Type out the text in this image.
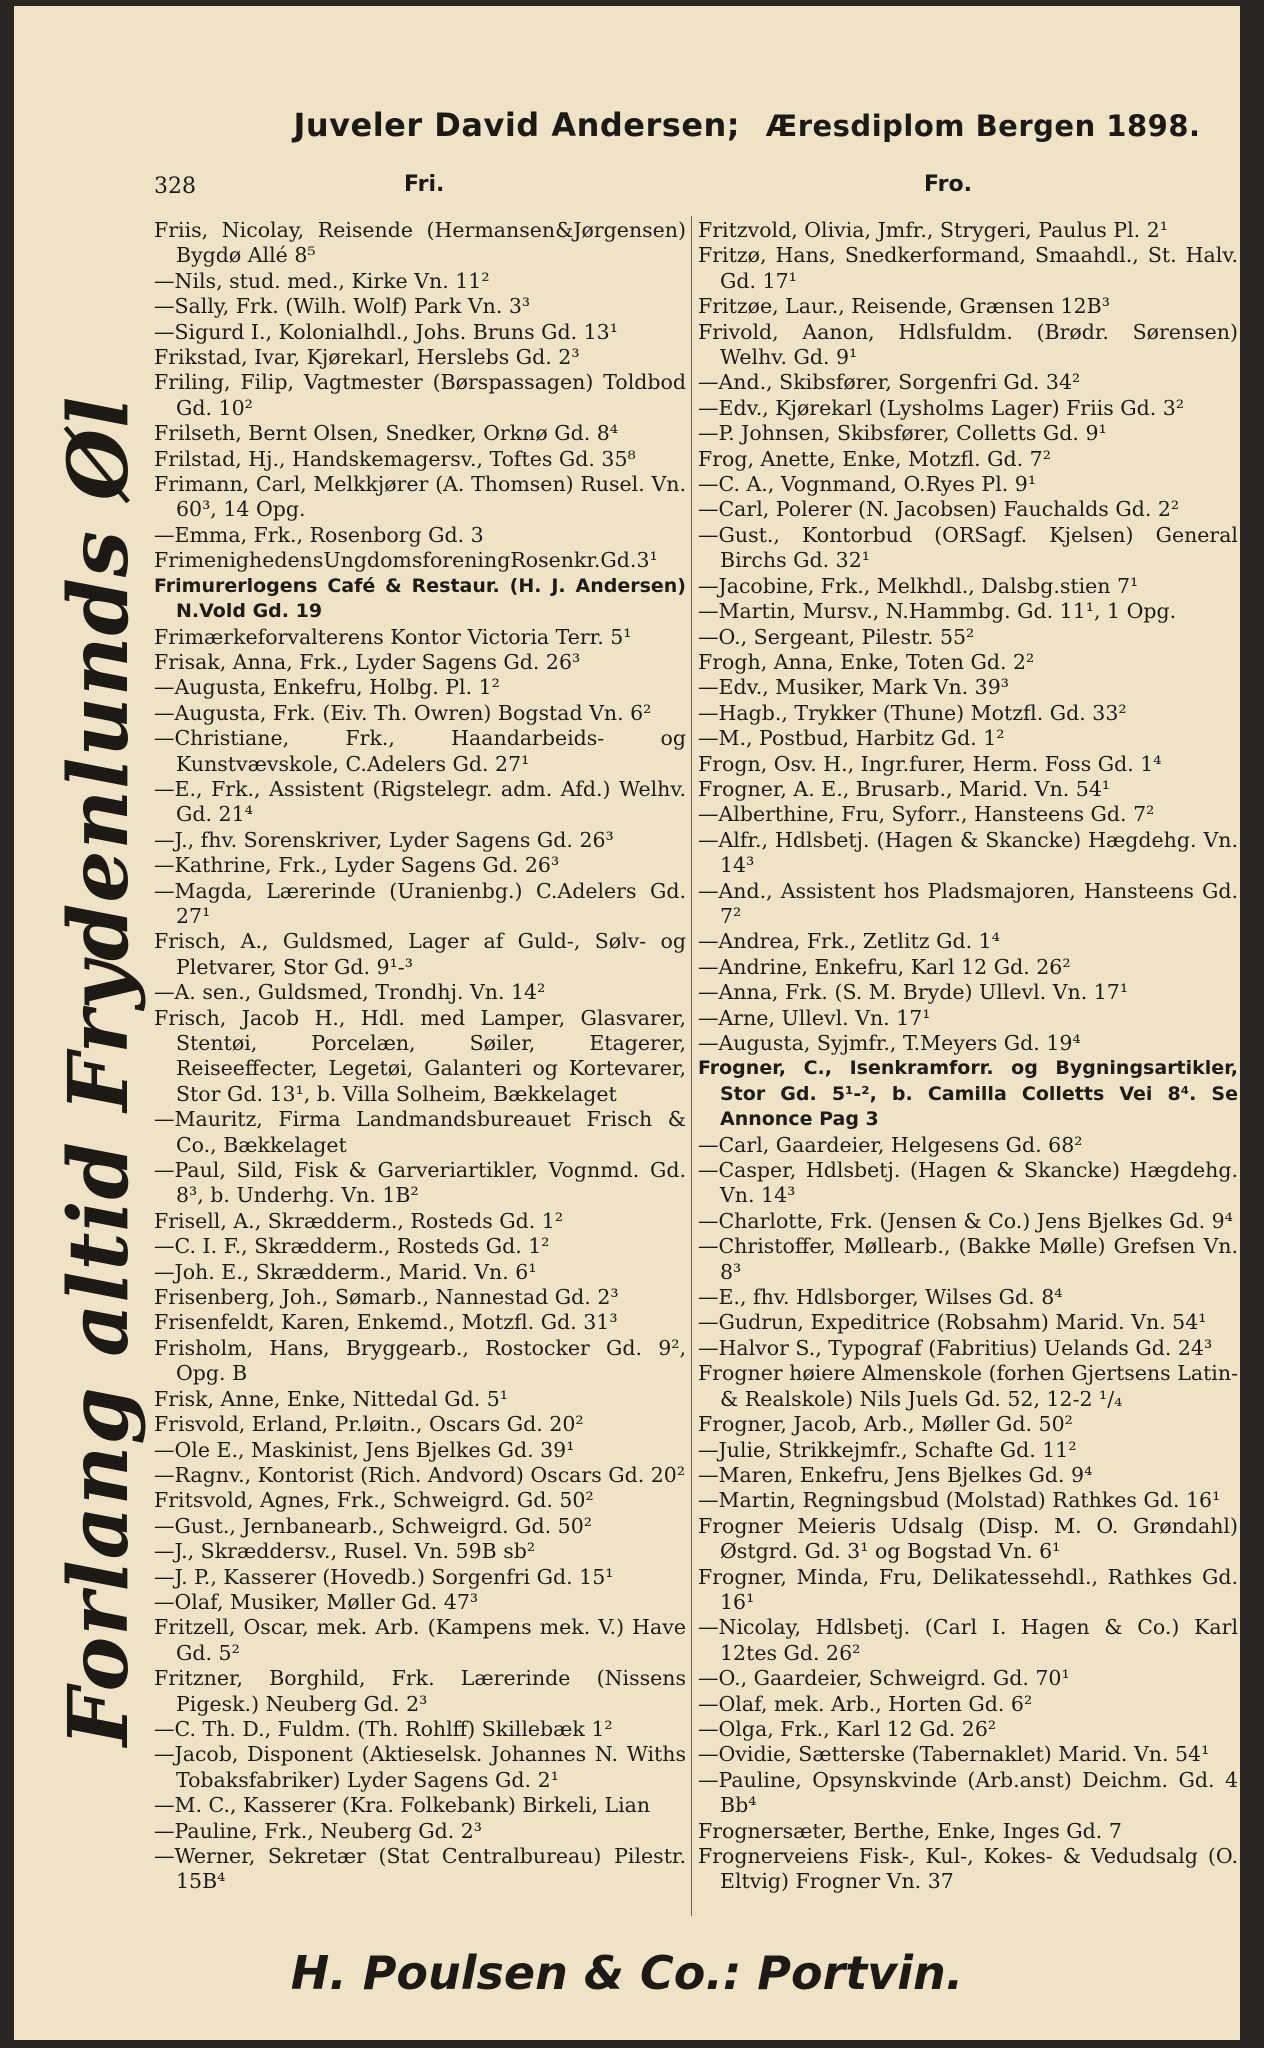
Juveler David Andersen; Æresdiplom Bergen 1898.
328	Fri.	Fro.
Forlang altid Frydenlunds Øl
Friis, Nicolay, Reisende (Hermansen&Jørgensen) Bygdø Allé 8⁵
—Nils, stud. med., Kirke Vn. 11²
—Sally, Frk. (Wilh. Wolf) Park Vn. 3³
—Sigurd I., Kolonialhdl., Johs. Bruns Gd. 13¹
Frikstad, Ivar, Kjørekarl, Herslebs Gd. 2³
Friling, Filip, Vagtmester (Børspassagen) Toldbod Gd. 10²
Frilseth, Bernt Olsen, Snedker, Orknø Gd. 8⁴
Frilstad, Hj., Handskemagersv., Toftes Gd. 35⁸
Frimann, Carl, Melkkjører (A. Thomsen) Rusel. Vn. 60³, 14 Opg.
—Emma, Frk., Rosenborg Gd. 3
FrimenighedensUngdomsforeningRosenkr.Gd.3¹
Frimurerlogens Café & Restaur. (H. J. Andersen) N.Vold Gd. 19
Frimærkeforvalterens Kontor Victoria Terr. 5¹
Frisak, Anna, Frk., Lyder Sagens Gd. 26³
—Augusta, Enkefru, Holbg. Pl. 1²
—Augusta, Frk. (Eiv. Th. Owren) Bogstad Vn. 6²
—Christiane, Frk., Haandarbeids- og Kunstvævskole, C.Adelers Gd. 27¹
—E., Frk., Assistent (Rigstelegr. adm. Afd.) Welhv. Gd. 21⁴
—J., fhv. Sorenskriver, Lyder Sagens Gd. 26³
—Kathrine, Frk., Lyder Sagens Gd. 26³
—Magda, Lærerinde (Uranienbg.) C.Adelers Gd. 27¹
Frisch, A., Guldsmed, Lager af Guld-, Sølv- og Pletvarer, Stor Gd. 9¹-³
—A. sen., Guldsmed, Trondhj. Vn. 14²
Frisch, Jacob H., Hdl. med Lamper, Glasvarer, Stentøi, Porcelæn, Søiler, Etagerer, Reiseeffecter, Legetøi, Galanteri og Kortevarer, Stor Gd. 13¹, b. Villa Solheim, Bækkelaget
—Mauritz, Firma Landmandsbureauet Frisch & Co., Bækkelaget
—Paul, Sild, Fisk & Garveriartikler, Vognmd. Gd. 8³, b. Underhg. Vn. 1B²
Frisell, A., Skrædderm., Rosteds Gd. 1²
—C. I. F., Skrædderm., Rosteds Gd. 1²
—Joh. E., Skrædderm., Marid. Vn. 6¹
Frisenberg, Joh., Sømarb., Nannestad Gd. 2³
Frisenfeldt, Karen, Enkemd., Motzfl. Gd. 31³
Frisholm, Hans, Bryggearb., Rostocker Gd. 9², Opg. B
Frisk, Anne, Enke, Nittedal Gd. 5¹
Frisvold, Erland, Pr.løitn., Oscars Gd. 20²
—Ole E., Maskinist, Jens Bjelkes Gd. 39¹
—Ragnv., Kontorist (Rich. Andvord) Oscars Gd. 20²
Fritsvold, Agnes, Frk., Schweigrd. Gd. 50²
—Gust., Jernbanearb., Schweigrd. Gd. 50²
—J., Skræddersv., Rusel. Vn. 59B sb²
—J. P., Kasserer (Hovedb.) Sorgenfri Gd. 15¹
—Olaf, Musiker, Møller Gd. 47³
Fritzell, Oscar, mek. Arb. (Kampens mek. V.) Have Gd. 5²
Fritzner, Borghild, Frk. Lærerinde (Nissens Pigesk.) Neuberg Gd. 2³
—C. Th. D., Fuldm. (Th. Rohlff) Skillebæk 1²
—Jacob, Disponent (Aktieselsk. Johannes N. Withs Tobaksfabriker) Lyder Sagens Gd. 2¹
—M. C., Kasserer (Kra. Folkebank) Birkeli, Lian
—Pauline, Frk., Neuberg Gd. 2³
—Werner, Sekretær (Stat Centralbureau) Pilestr. 15B⁴
Fritzvold, Olivia, Jmfr., Strygeri, Paulus Pl. 2¹
Fritzø, Hans, Snedkerformand, Smaahdl., St. Halv. Gd. 17¹
Fritzøe, Laur., Reisende, Grænsen 12B³
Frivold, Aanon, Hdlsfuldm. (Brødr. Sørensen) Welhv. Gd. 9¹
—And., Skibsfører, Sorgenfri Gd. 34²
—Edv., Kjørekarl (Lysholms Lager) Friis Gd. 3²
—P. Johnsen, Skibsfører, Colletts Gd. 9¹
Frog, Anette, Enke, Motzfl. Gd. 7²
—C. A., Vognmand, O.Ryes Pl. 9¹
—Carl, Polerer (N. Jacobsen) Fauchalds Gd. 2²
—Gust., Kontorbud (ORSagf. Kjelsen) General Birchs Gd. 32¹
—Jacobine, Frk., Melkhdl., Dalsbg.stien 7¹
—Martin, Mursv., N.Hammbg. Gd. 11¹, 1 Opg.
—O., Sergeant, Pilestr. 55²
Frogh, Anna, Enke, Toten Gd. 2²
—Edv., Musiker, Mark Vn. 39³
—Hagb., Trykker (Thune) Motzfl. Gd. 33²
—M., Postbud, Harbitz Gd. 1²
Frogn, Osv. H., Ingr.furer, Herm. Foss Gd. 1⁴
Frogner, A. E., Brusarb., Marid. Vn. 54¹
—Alberthine, Fru, Syforr., Hansteens Gd. 7²
—Alfr., Hdlsbetj. (Hagen & Skancke) Hægdehg. Vn. 14³
—And., Assistent hos Pladsmajoren, Hansteens Gd. 7²
—Andrea, Frk., Zetlitz Gd. 1⁴
—Andrine, Enkefru, Karl 12 Gd. 26²
—Anna, Frk. (S. M. Bryde) Ullevl. Vn. 17¹
—Arne, Ullevl. Vn. 17¹
—Augusta, Syjmfr., T.Meyers Gd. 19⁴
Frogner, C., Isenkramforr. og Bygningsartikler, Stor Gd. 5¹-², b. Camilla Colletts Vei 8⁴. Se Annonce Pag 3
—Carl, Gaardeier, Helgesens Gd. 68²
—Casper, Hdlsbetj. (Hagen & Skancke) Hægdehg. Vn. 14³
—Charlotte, Frk. (Jensen & Co.) Jens Bjelkes Gd. 9⁴
—Christoffer, Møllearb., (Bakke Mølle) Grefsen Vn. 8³
—E., fhv. Hdlsborger, Wilses Gd. 8⁴
—Gudrun, Expeditrice (Robsahm) Marid. Vn. 54¹
—Halvor S., Typograf (Fabritius) Uelands Gd. 24³
Frogner høiere Almenskole (forhen Gjertsens Latin- & Realskole) Nils Juels Gd. 52, 12-2 ¹/₄
Frogner, Jacob, Arb., Møller Gd. 50²
—Julie, Strikkejmfr., Schafte Gd. 11²
—Maren, Enkefru, Jens Bjelkes Gd. 9⁴
—Martin, Regningsbud (Molstad) Rathkes Gd. 16¹
Frogner Meieris Udsalg (Disp. M. O. Grøndahl) Østgrd. Gd. 3¹ og Bogstad Vn. 6¹
Frogner, Minda, Fru, Delikatessehdl., Rathkes Gd. 16¹
—Nicolay, Hdlsbetj. (Carl I. Hagen & Co.) Karl 12tes Gd. 26²
—O., Gaardeier, Schweigrd. Gd. 70¹
—Olaf, mek. Arb., Horten Gd. 6²
—Olga, Frk., Karl 12 Gd. 26²
—Ovidie, Sætterske (Tabernaklet) Marid. Vn. 54¹
—Pauline, Opsynskvinde (Arb.anst) Deichm. Gd. 4 Bb⁴
Frognersæter, Berthe, Enke, Inges Gd. 7
Frognerveiens Fisk-, Kul-, Kokes- & Vedudsalg (O. Eltvig) Frogner Vn. 37
H. Poulsen & Co.: Portvin.
